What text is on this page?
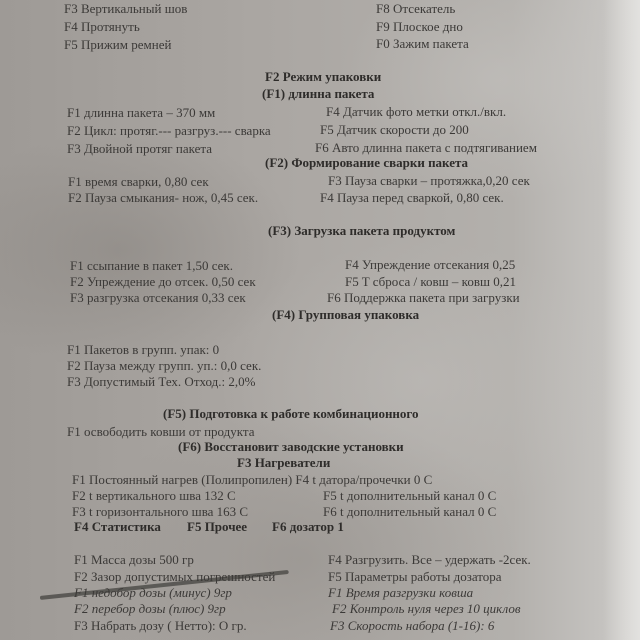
F3 Вертикальный шов
F4 Протянуть
F5 Прижим ремней
F8 Отсекатель
F9 Плоское дно
F0 Зажим пакета
F2 Режим упаковки
(F1) длинна пакета
F1 длинна пакета – 370 мм
F2 Цикл: протяг.--- разгруз.--- сварка
F3 Двойной протяг пакета
F4 Датчик фото метки откл./вкл.
F5 Датчик скорости до 200
F6 Авто длинна пакета с подтягиванием
(F2) Формирование сварки пакета
F1 время сварки, 0,80 сек
F2 Пауза смыкания- нож, 0,45 сек.
F3 Пауза сварки – протяжка,0,20 сек
F4 Пауза перед сваркой, 0,80 сек.
(F3) Загрузка пакета продуктом
F1 ссыпание в пакет 1,50 сек.
F2 Упреждение до отсек. 0,50 сек
F3 разгрузка отсекания 0,33 сек
F4 Упреждение отсекания 0,25
F5 T сброса / ковш – ковш 0,21
F6 Поддержка пакета при загрузки
(F4) Групповая упаковка
F1 Пакетов в групп. упак: 0
F2 Пауза между групп. уп.: 0,0 сек.
F3 Допустимый Тех. Отход.: 2,0%
(F5) Подготовка к работе комбинационного
F1 освободить ковши от продукта
(F6) Восстановит заводские установки
F3 Нагреватели
F1 Постоянный нагрев (Полипропилен) F4 t датора/прочечки 0 C
F2 t вертикального шва 132 C
F3 t горизонтального шва 163 C
F5 t дополнительный канал 0 C
F6 t дополнительный канал 0 C
F4 Статистика F5 Прочее F6 дозатор 1
F1 Масса дозы 500 гр
F2 Зазор допустимых погрешностей
F1 недобор дозы (минус) 9гр
F2 перебор дозы (плюс) 9гр
F3 Набрать дозу ( Нетто): О гр.
F4 Разгрузить. Все – удержать -2сек.
F5 Параметры работы дозатора
F1 Время разгрузки ковша
F2 Контроль нуля через 10 циклов
F3 Скорость набора (1-16): 6
